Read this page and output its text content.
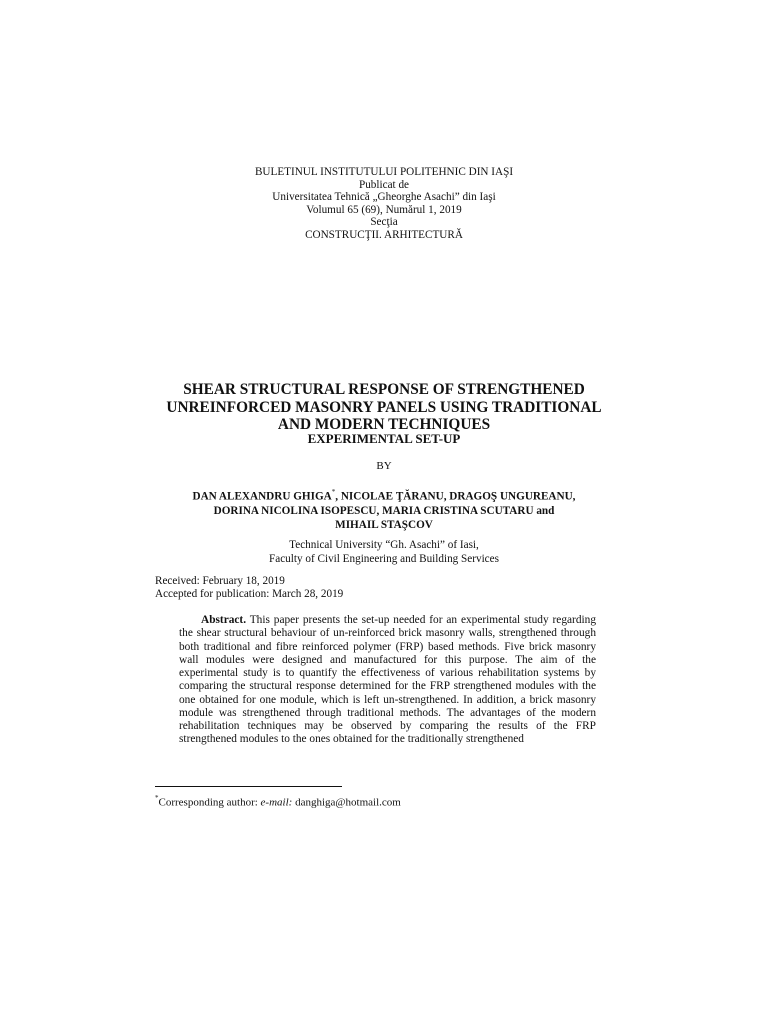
BULETINUL INSTITUTULUI POLITEHNIC DIN IAŞI
Publicat de
Universitatea Tehnică „Gheorghe Asachi” din Iaşi
Volumul 65 (69), Numărul 1, 2019
Secţia
CONSTRUCŢII. ARHITECTURĂ
SHEAR STRUCTURAL RESPONSE OF STRENGTHENED
UNREINFORCED MASONRY PANELS USING TRADITIONAL
AND MODERN TECHNIQUES
EXPERIMENTAL SET-UP
BY
DAN ALEXANDRU GHIGA*, NICOLAE ŢĂRANU, DRAGOŞ UNGUREANU,
DORINA NICOLINA ISOPESCU, MARIA CRISTINA SCUTARU and
MIHAIL STAŞCOV
Technical University “Gh. Asachi” of Iasi,
Faculty of Civil Engineering and Building Services
Received: February 18, 2019
Accepted for publication: March 28, 2019

Abstract. This paper presents the set-up needed for an experimental study regarding the shear structural behaviour of un-reinforced brick masonry walls, strengthened through both traditional and fibre reinforced polymer (FRP) based methods. Five brick masonry wall modules were designed and manufactured for this purpose. The aim of the experimental study is to quantify the effectiveness of various rehabilitation systems by comparing the structural response determined for the FRP strengthened modules with the one obtained for one module, which is left un-strengthened. In addition, a brick masonry module was strengthened through traditional methods. The advantages of the modern rehabilitation techniques may be observed by comparing the results of the FRP strengthened modules to the ones obtained for the traditionally strengthened

*Corresponding author: e-mail: danghiga@hotmail.com
